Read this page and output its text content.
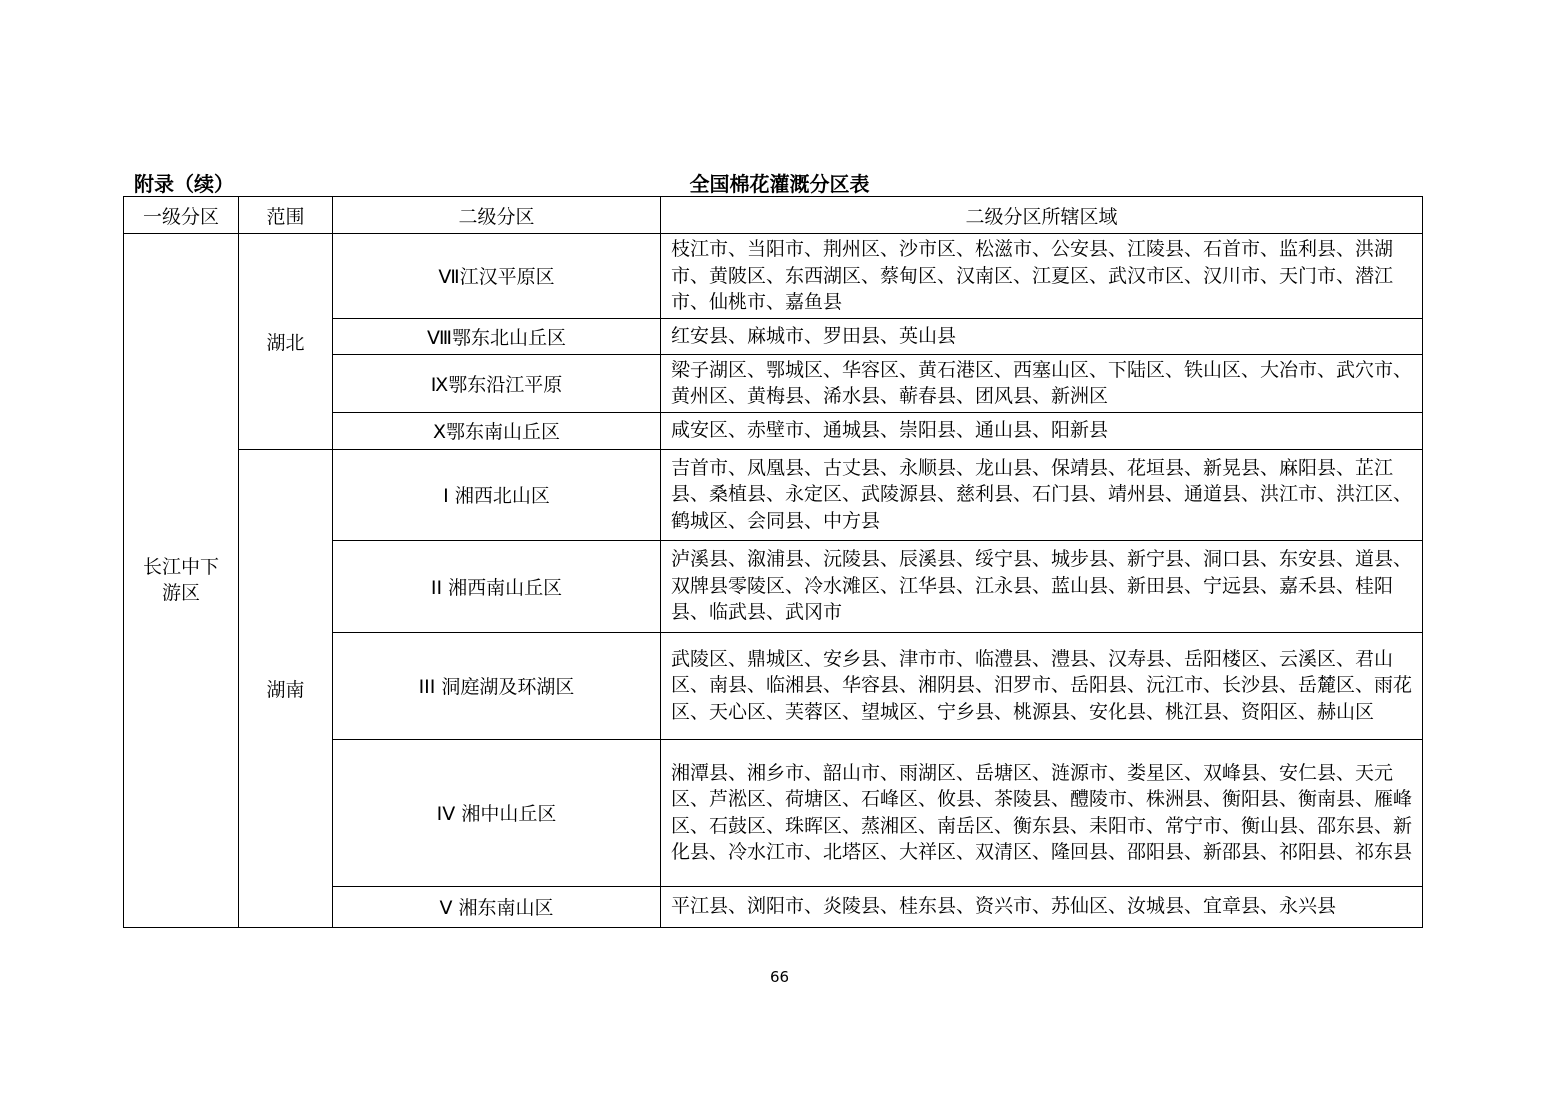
附录（续）	全国棉花灌溉分区表
一级分区	范围	二级分区	二级分区所辖区域

长江中下游区	湖北	Ⅶ江汉平原区	枝江市、当阳市、荆州区、沙市区、松滋市、公安县、江陵县、石首市、监利县、洪湖市、黄陂区、东西湖区、蔡甸区、汉南区、江夏区、武汉市区、汉川市、天门市、潜江市、仙桃市、嘉鱼县
		Ⅷ鄂东北山丘区	红安县、麻城市、罗田县、英山县
		Ⅸ鄂东沿江平原	梁子湖区、鄂城区、华容区、黄石港区、西塞山区、下陆区、铁山区、大冶市、武穴市、黄州区、黄梅县、浠水县、蕲春县、团风县、新洲区
		Ⅹ鄂东南山丘区	咸安区、赤壁市、通城县、崇阳县、通山县、阳新县
	湖南	I 湘西北山区	吉首市、凤凰县、古丈县、永顺县、龙山县、保靖县、花垣县、新晃县、麻阳县、芷江县、桑植县、永定区、武陵源县、慈利县、石门县、靖州县、通道县、洪江市、洪江区、鹤城区、会同县、中方县
		II 湘西南山丘区	泸溪县、溆浦县、沅陵县、辰溪县、绥宁县、城步县、新宁县、洞口县、东安县、道县、双牌县零陵区、冷水滩区、江华县、江永县、蓝山县、新田县、宁远县、嘉禾县、桂阳县、临武县、武冈市
		III 洞庭湖及环湖区	武陵区、鼎城区、安乡县、津市市、临澧县、澧县、汉寿县、岳阳楼区、云溪区、君山区、南县、临湘县、华容县、湘阴县、汨罗市、岳阳县、沅江市、长沙县、岳麓区、雨花区、天心区、芙蓉区、望城区、宁乡县、桃源县、安化县、桃江县、资阳区、赫山区
		IV 湘中山丘区	湘潭县、湘乡市、韶山市、雨湖区、岳塘区、涟源市、娄星区、双峰县、安仁县、天元区、芦淞区、荷塘区、石峰区、攸县、茶陵县、醴陵市、株洲县、衡阳县、衡南县、雁峰区、石鼓区、珠晖区、蒸湘区、南岳区、衡东县、耒阳市、常宁市、衡山县、邵东县、新化县、冷水江市、北塔区、大祥区、双清区、隆回县、邵阳县、新邵县、祁阳县、祁东县
		V 湘东南山区	平江县、浏阳市、炎陵县、桂东县、资兴市、苏仙区、汝城县、宜章县、永兴县
66
